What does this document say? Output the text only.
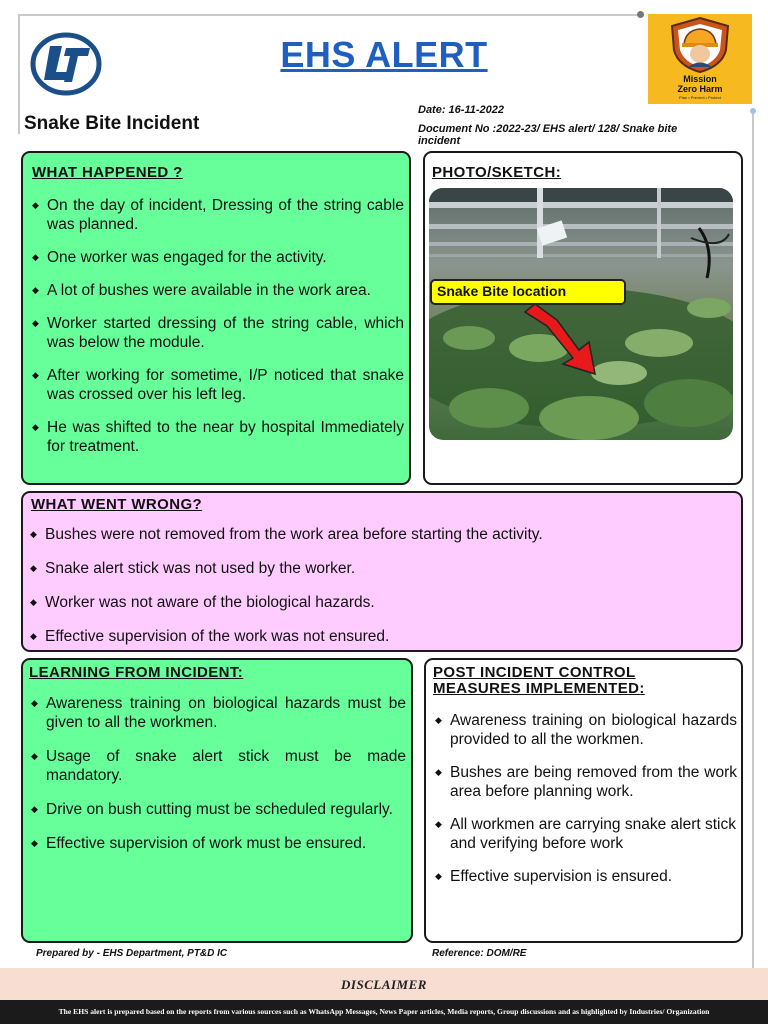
EHS ALERT
Mission
Zero Harm
Plan • Prevent • Protect
Snake Bite Incident
Date: 16-11-2022
Document No :2022-23/ EHS alert/ 128/ Snake bite
incident
WHAT HAPPENED ?
◆ On the day of incident, Dressing of the string cable was planned.
◆ One worker was engaged for the activity.
◆ A lot of bushes were available in the work area.
◆ Worker started dressing of the string cable, which was below the module.
◆ After working for sometime, I/P noticed that snake was crossed over his left leg.
◆ He was shifted to the near by hospital Immediately for treatment.
PHOTO/SKETCH:
Snake Bite location
WHAT WENT WRONG?
◆ Bushes were not removed from the work area before starting the activity.
◆ Snake alert stick was not used by the worker.
◆ Worker was not aware of the biological hazards.
◆ Effective supervision of the work was not ensured.
LEARNING FROM INCIDENT:
◆ Awareness training on biological hazards must be given to all the workmen.
◆ Usage of snake alert stick must be made mandatory.
◆ Drive on bush cutting must be scheduled regularly.
◆ Effective supervision of work must be ensured.
POST INCIDENT CONTROL
MEASURES IMPLEMENTED:
◆ Awareness training on biological hazards provided to all the workmen.
◆ Bushes are being removed from the work area before planning work.
◆ All workmen are carrying snake alert stick and verifying before work
◆ Effective supervision is ensured.
Prepared by - EHS Department, PT&D IC	Reference: DOM/RE
DISCLAIMER
The EHS alert is prepared based on the reports from various sources such as WhatsApp Messages, News Paper articles, Media reports, Group discussions and as highlighted by Industries/ Organization
